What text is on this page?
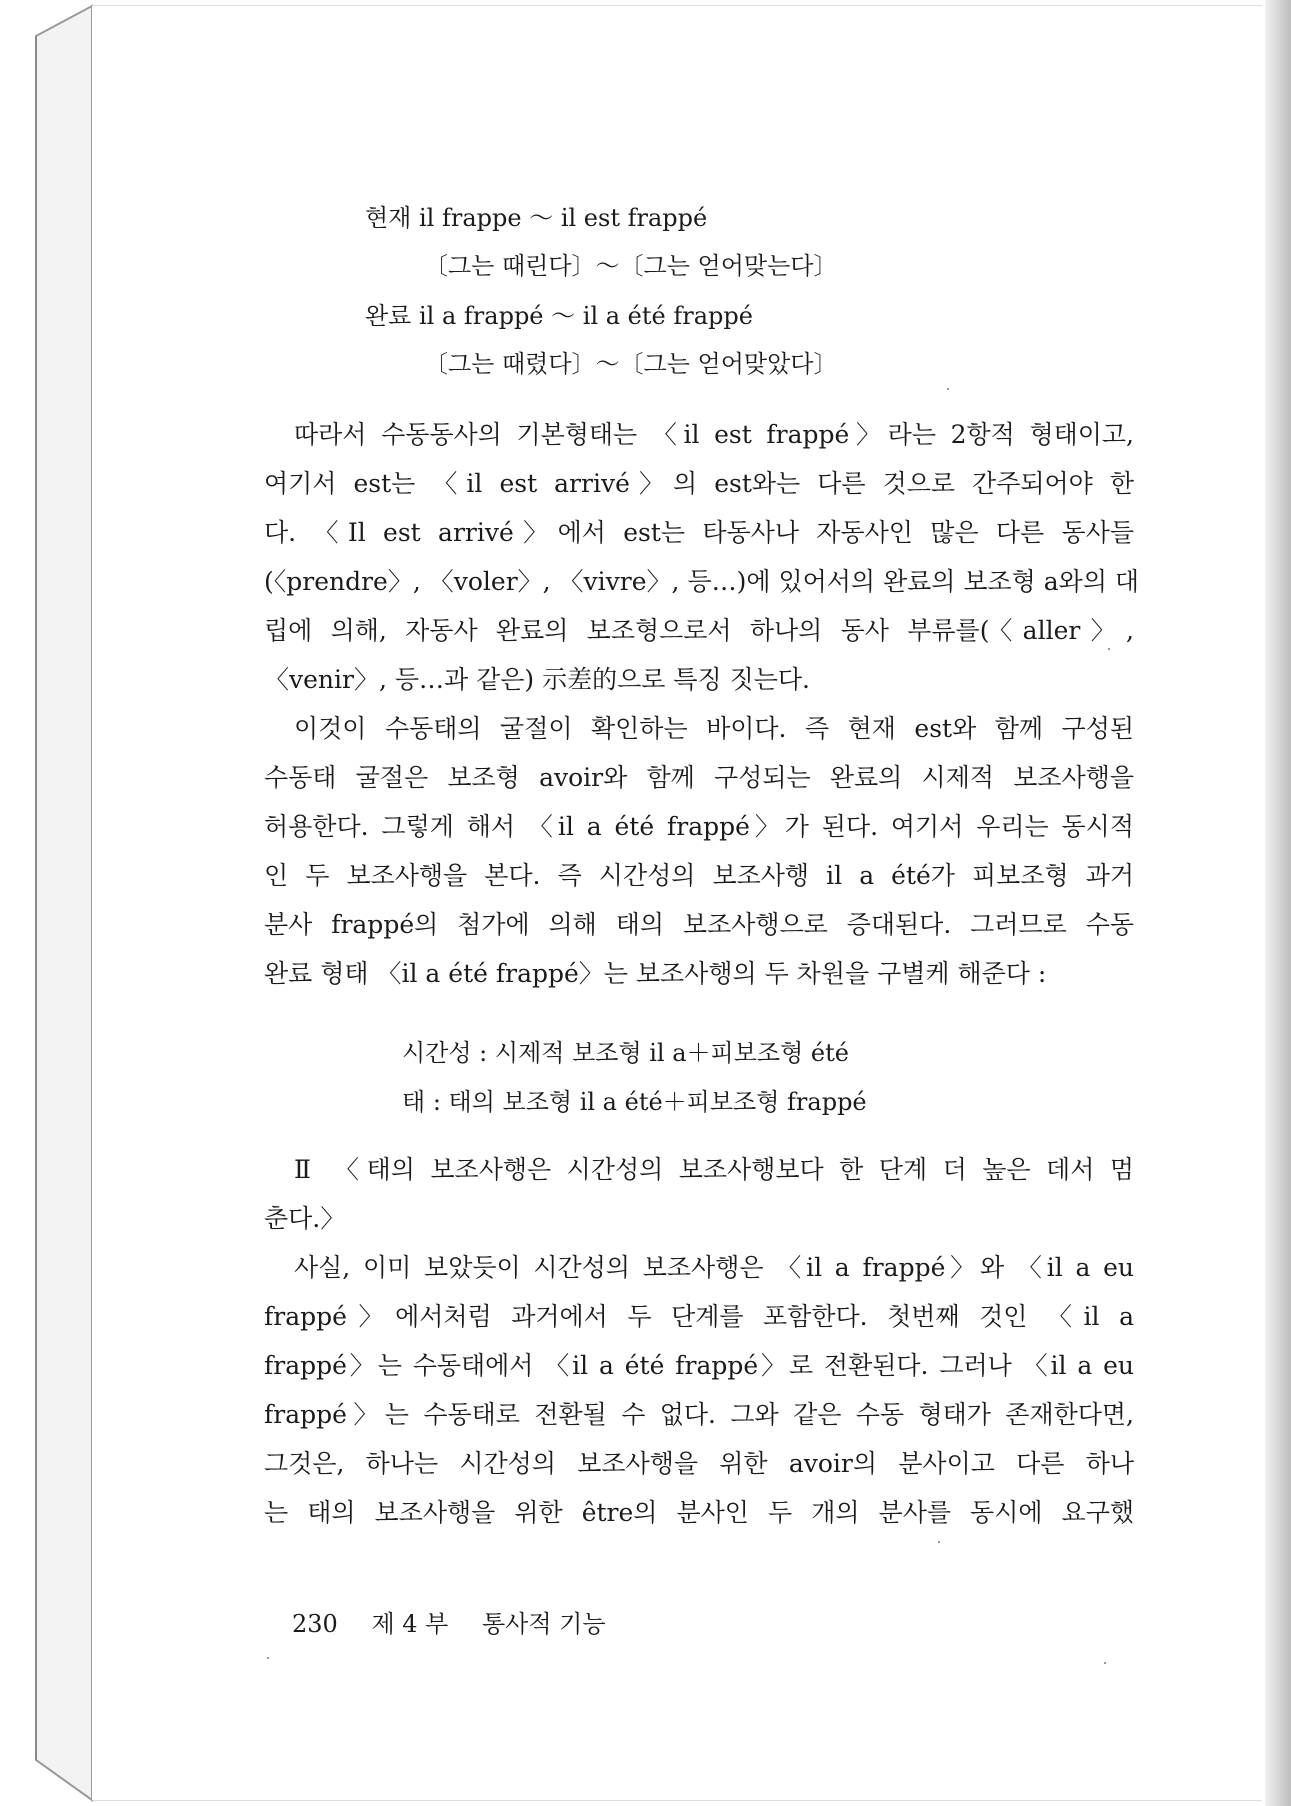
현재 il frappe ～ il est frappé
〔그는 때린다〕～〔그는 얻어맞는다〕
완료 il a frappé ～ il a été frappé
〔그는 때렸다〕～〔그는 얻어맞았다〕
따라서 수동동사의 기본형태는 〈il est frappé〉라는 2항적 형태이고,
여기서 est는 〈il est arrivé〉의 est와는 다른 것으로 간주되어야 한
다. 〈Il est arrivé〉에서 est는 타동사나 자동사인 많은 다른 동사들
(〈prendre〉, 〈voler〉, 〈vivre〉, 등…)에 있어서의 완료의 보조형 a와의 대
립에 의해, 자동사 완료의 보조형으로서 하나의 동사 부류를(〈aller〉,
〈venir〉, 등…과 같은) 示差的으로 특징 짓는다.
이것이 수동태의 굴절이 확인하는 바이다. 즉 현재 est와 함께 구성된
수동태 굴절은 보조형 avoir와 함께 구성되는 완료의 시제적 보조사행을
허용한다. 그렇게 해서 〈il a été frappé〉가 된다. 여기서 우리는 동시적
인 두 보조사행을 본다. 즉 시간성의 보조사행 il a été가 피보조형 과거
분사 frappé의 첨가에 의해 태의 보조사행으로 증대된다. 그러므로 수동
완료 형태 〈il a été frappé〉는 보조사행의 두 차원을 구별케 해준다 :
시간성 : 시제적 보조형 il a＋피보조형 été
태 : 태의 보조형 il a été＋피보조형 frappé
Ⅱ 〈태의 보조사행은 시간성의 보조사행보다 한 단계 더 높은 데서 멈
춘다.〉
사실, 이미 보았듯이 시간성의 보조사행은 〈il a frappé〉와 〈il a eu
frappé〉에서처럼 과거에서 두 단계를 포함한다. 첫번째 것인 〈il a
frappé〉는 수동태에서 〈il a été frappé〉로 전환된다. 그러나 〈il a eu
frappé〉는 수동태로 전환될 수 없다. 그와 같은 수동 형태가 존재한다면,
그것은, 하나는 시간성의 보조사행을 위한 avoir의 분사이고 다른 하나
는 태의 보조사행을 위한 être의 분사인 두 개의 분사를 동시에 요구했
230 제 4 부 통사적 기능
